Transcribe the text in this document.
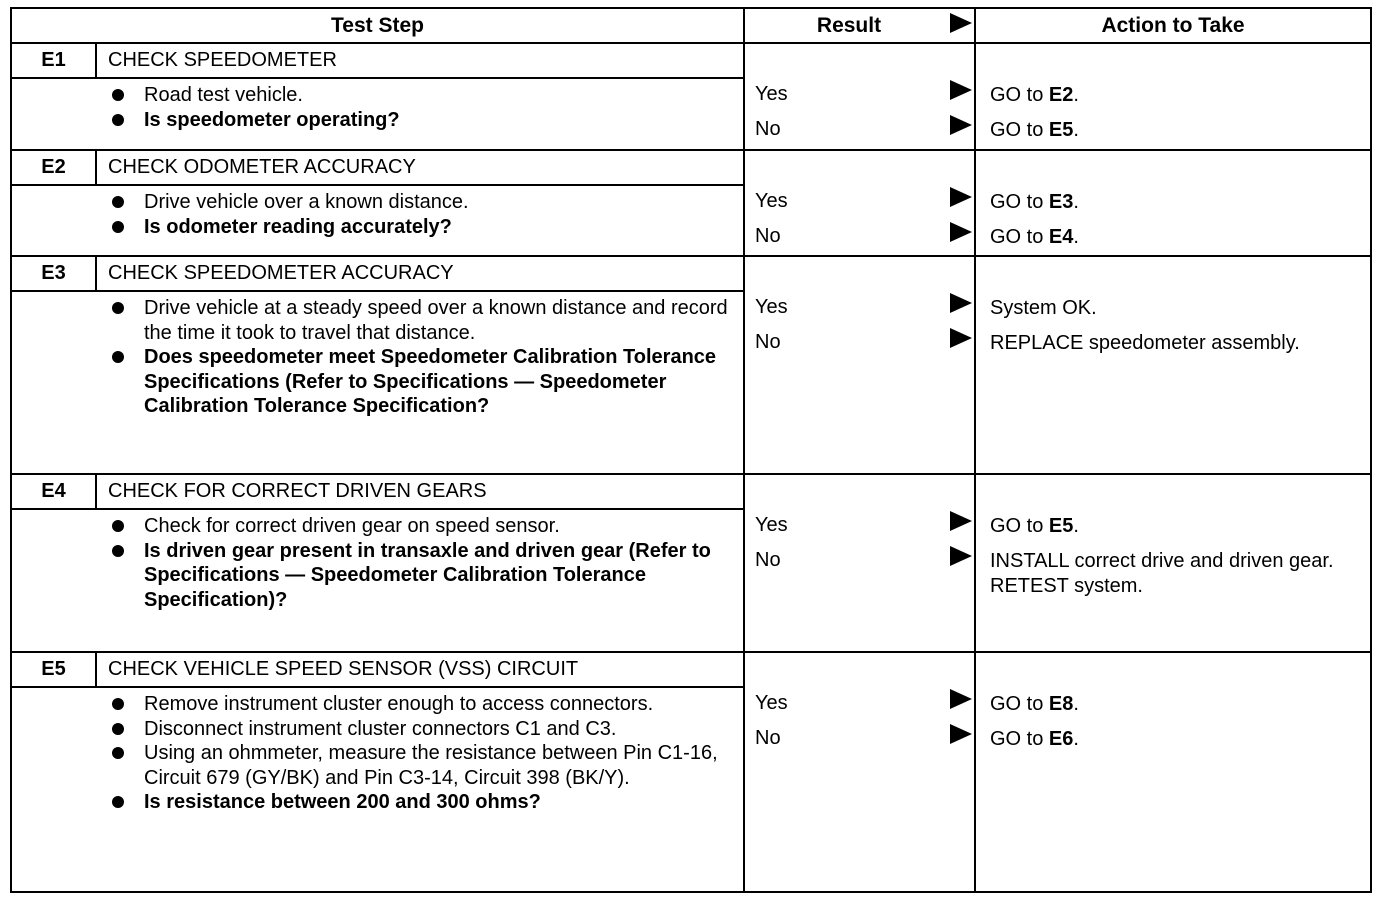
Test Step	Result	Action to Take
E1	CHECK SPEEDOMETER
Road test vehicle.
Is speedometer operating?
Yes	GO to E2.
No	GO to E5.
E2	CHECK ODOMETER ACCURACY
Drive vehicle over a known distance.
Is odometer reading accurately?
Yes	GO to E3.
No	GO to E4.
E3	CHECK SPEEDOMETER ACCURACY
Drive vehicle at a steady speed over a known distance and record the time it took to travel that distance.
Does speedometer meet Speedometer Calibration Tolerance Specifications (Refer to Specifications — Speedometer Calibration Tolerance Specification?
Yes	System OK.
No	REPLACE speedometer assembly.
E4	CHECK FOR CORRECT DRIVEN GEARS
Check for correct driven gear on speed sensor.
Is driven gear present in transaxle and driven gear (Refer to Specifications — Speedometer Calibration Tolerance Specification)?
Yes	GO to E5.
No	INSTALL correct drive and driven gear. RETEST system.
E5	CHECK VEHICLE SPEED SENSOR (VSS) CIRCUIT
Remove instrument cluster enough to access connectors.
Disconnect instrument cluster connectors C1 and C3.
Using an ohmmeter, measure the resistance between Pin C1-16, Circuit 679 (GY/BK) and Pin C3-14, Circuit 398 (BK/Y).
Is resistance between 200 and 300 ohms?
Yes	GO to E8.
No	GO to E6.
